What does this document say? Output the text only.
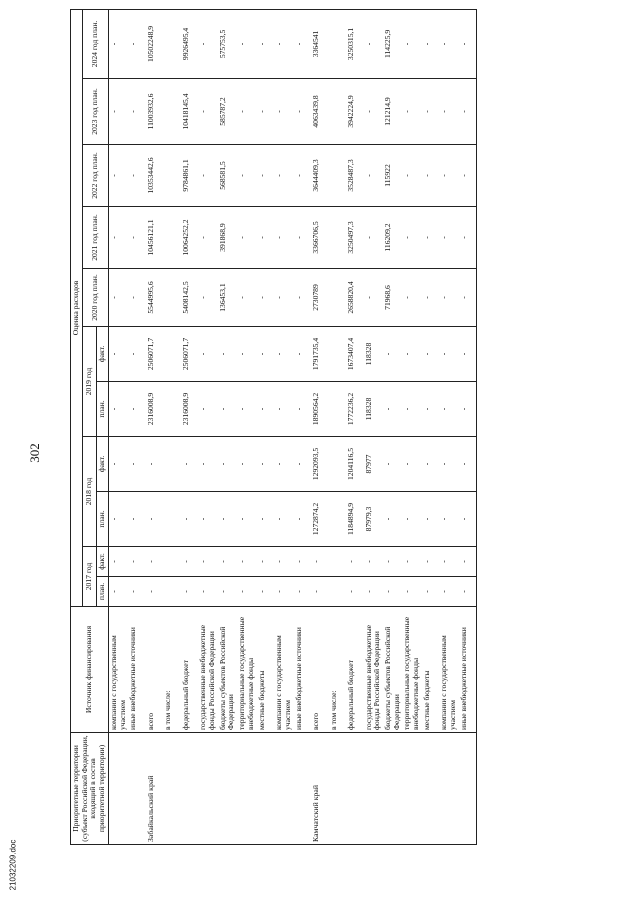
302
21032209.doc
Приоритетные территории (субъект Российской Федерации, входящий в состав приоритетной территории)	Источник финансирования	Оценка расходов										
		2017 год		2018 год		2019 год		2020 год план.	2021 год план.	2022 год план.	2023 год план.	2024 год план.
		план.	факт.	план.	факт.	план.	факт.					
	компании с государственным участием	-	-	-	-	-	-	-	-	-	-	-
	иные внебюджетные источники	-	-	-	-	-	-	-	-	-	-	-
Забайкальский край	всего	-	-	-	-	2316008,9	2506071,7	5544995,6	10456121,1	10353442,6	11003932,6	10502248,9
	в том числе:											
	федеральный бюджет	-	-	-	-	2316008,9	2506071,7	5408142,5	10064252,2	9784861,1	10418145,4	9926495,4
	государственные внебюджетные фонды Российской Федерации	-	-	-	-	-	-	-	-	-	-	-
	бюджеты субъектов Российской Федерации	-	-	-	-	-	-	136453,1	391868,9	568581,5	585787,2	575753,5
	территориальные государственные внебюджетные фонды	-	-	-	-	-	-	-	-	-	-	-
	местные бюджеты	-	-	-	-	-	-	-	-	-	-	-
	компании с государственным участием	-	-	-	-	-	-	-	-	-	-	-
	иные внебюджетные источники	-	-	-	-	-	-	-	-	-	-	-
Камчатский край	всего	-	-	1272874,2	1292093,5	1890564,2	1791735,4	2730789	3366706,5	3644409,3	4063439,8	3364541
	в том числе:											
	федеральный бюджет	-	-	1184894,9	1204116,5	1772236,2	1673407,4	2658820,4	3250497,3	3528487,3	3942224,9	3250315,1
	государственные внебюджетные фонды Российской Федерации	-	-	87979,3	87977	118328	118328	-	-	-	-	-
	бюджеты субъектов Российской Федерации	-	-	-	-	-	-	71968,6	116209,2	115922	121214,9	114225,9
	территориальные государственные внебюджетные фонды	-	-	-	-	-	-	-	-	-	-	-
	местные бюджеты	-	-	-	-	-	-	-	-	-	-	-
	компании с государственным участием	-	-	-	-	-	-	-	-	-	-	-
	иные внебюджетные источники	-	-	-	-	-	-	-	-	-	-	-
